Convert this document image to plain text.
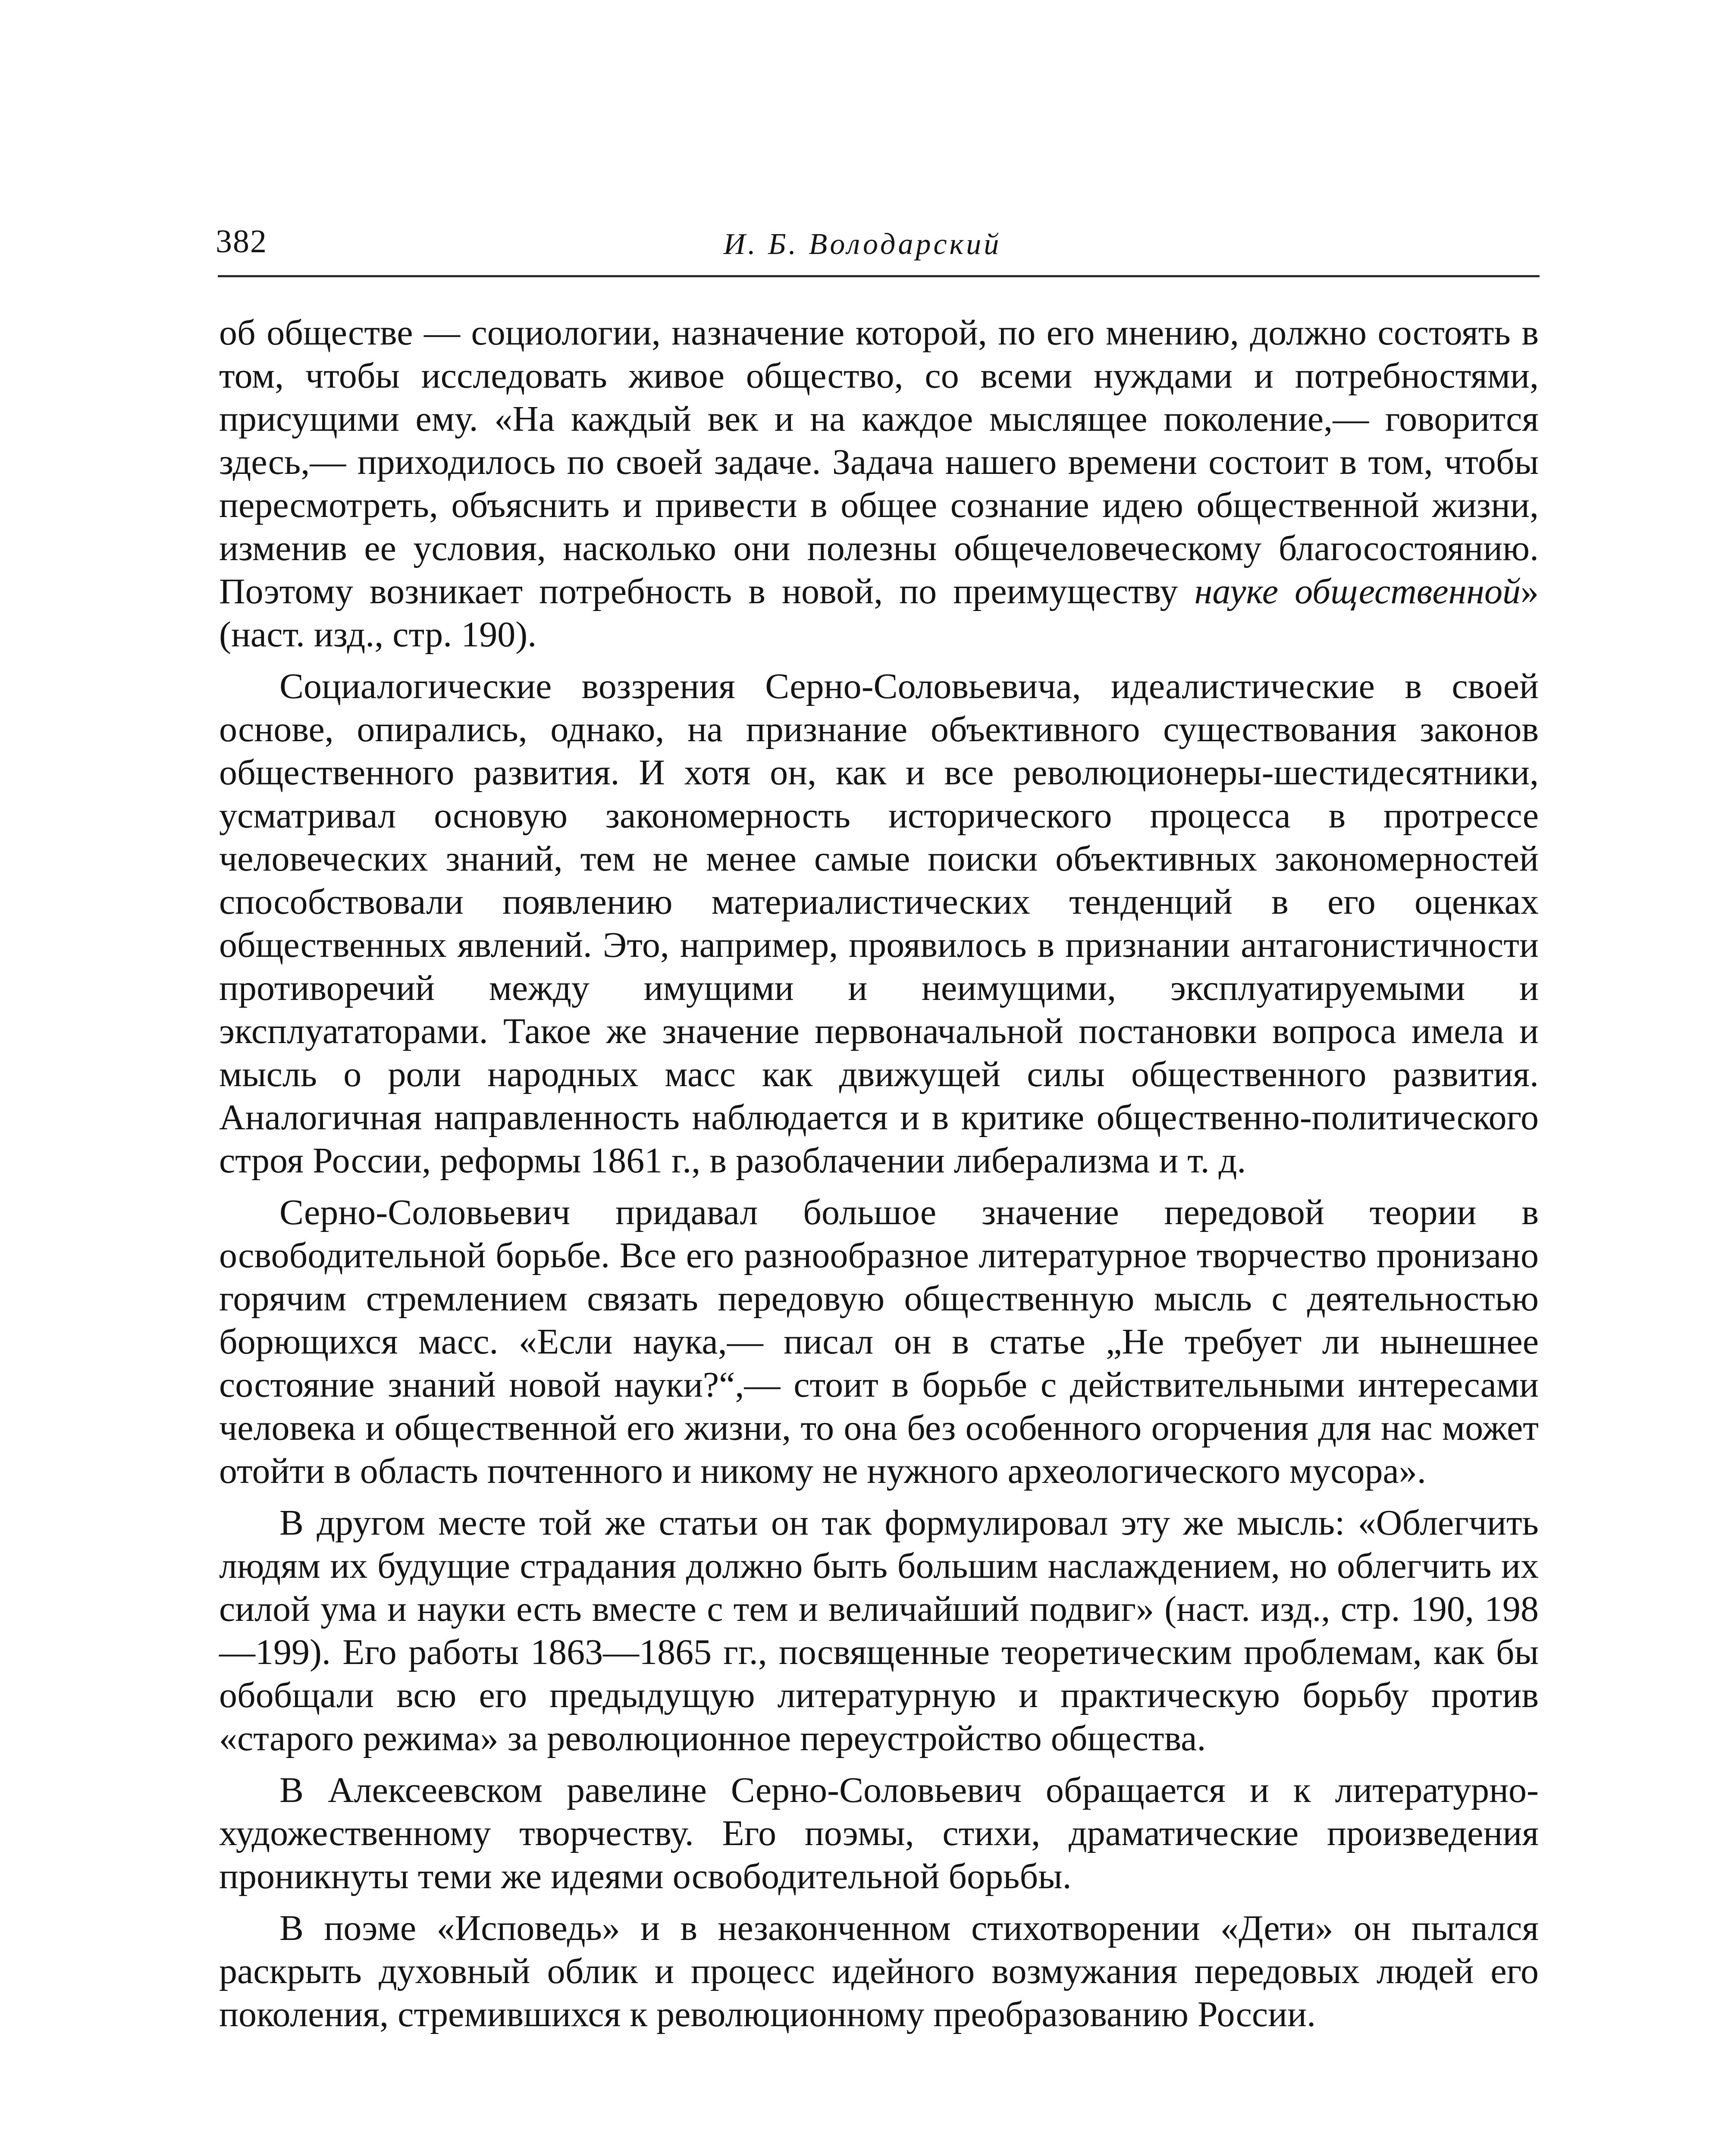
382	И. Б. Володарский

об обществе — социологии, назначение которой, по его мнению, должно состоять в том, чтобы исследовать живое общество, со всеми нуждами и потребностями, присущими ему. «На каждый век и на каждое мыслящее поколение,— говорится здесь,— приходилось по своей задаче. Задача нашего времени состоит в том, чтобы пересмотреть, объяснить и привести в общее сознание идею общественной жизни, изменив ее условия, насколько они полезны общечеловеческому благосостоянию. Поэтому возникает потребность в новой, по преимуществу науке общественной» (наст. изд., стр. 190).

Социалогические воззрения Серно-Соловьевича, идеалистические в своей основе, опирались, однако, на признание объективного существования законов общественного развития. И хотя он, как и все революционеры-шестидесятники, усматривал основую закономерность исторического процесса в протрессе человеческих знаний, тем не менее самые поиски объективных закономерностей способствовали появлению материалистических тенденций в его оценках общественных явлений. Это, например, проявилось в признании антагонистичности противоречий между имущими и неимущими, эксплуатируемыми и эксплуататорами. Такое же значение первоначальной постановки вопроса имела и мысль о роли народных масс как движущей силы общественного развития. Аналогичная направленность наблюдается и в критике общественно-политического строя России, реформы 1861 г., в разоблачении либерализма и т. д.

Серно-Соловьевич придавал большое значение передовой теории в освободительной борьбе. Все его разнообразное литературное творчество пронизано горячим стремлением связать передовую общественную мысль с деятельностью борющихся масс. «Если наука,— писал он в статье „Не требует ли нынешнее состояние знаний новой науки?“,— стоит в борьбе с действительными интересами человека и общественной его жизни, то она без особенного огорчения для нас может отойти в область почтенного и никому не нужного археологического мусора».

В другом месте той же статьи он так формулировал эту же мысль: «Облегчить людям их будущие страдания должно быть большим наслаждением, но облегчить их силой ума и науки есть вместе с тем и величайший подвиг» (наст. изд., стр. 190, 198—199). Его работы 1863—1865 гг., посвященные теоретическим проблемам, как бы обобщали всю его предыдущую литературную и практическую борьбу против «старого режима» за революционное переустройство общества.

В Алексеевском равелине Серно-Соловьевич обращается и к литературно-художественному творчеству. Его поэмы, стихи, драматические произведения проникнуты теми же идеями освободительной борьбы.

В поэме «Исповедь» и в незаконченном стихотворении «Дети» он пытался раскрыть духовный облик и процесс идейного возмужания передовых людей его поколения, стремившихся к революционному преобразованию России.
